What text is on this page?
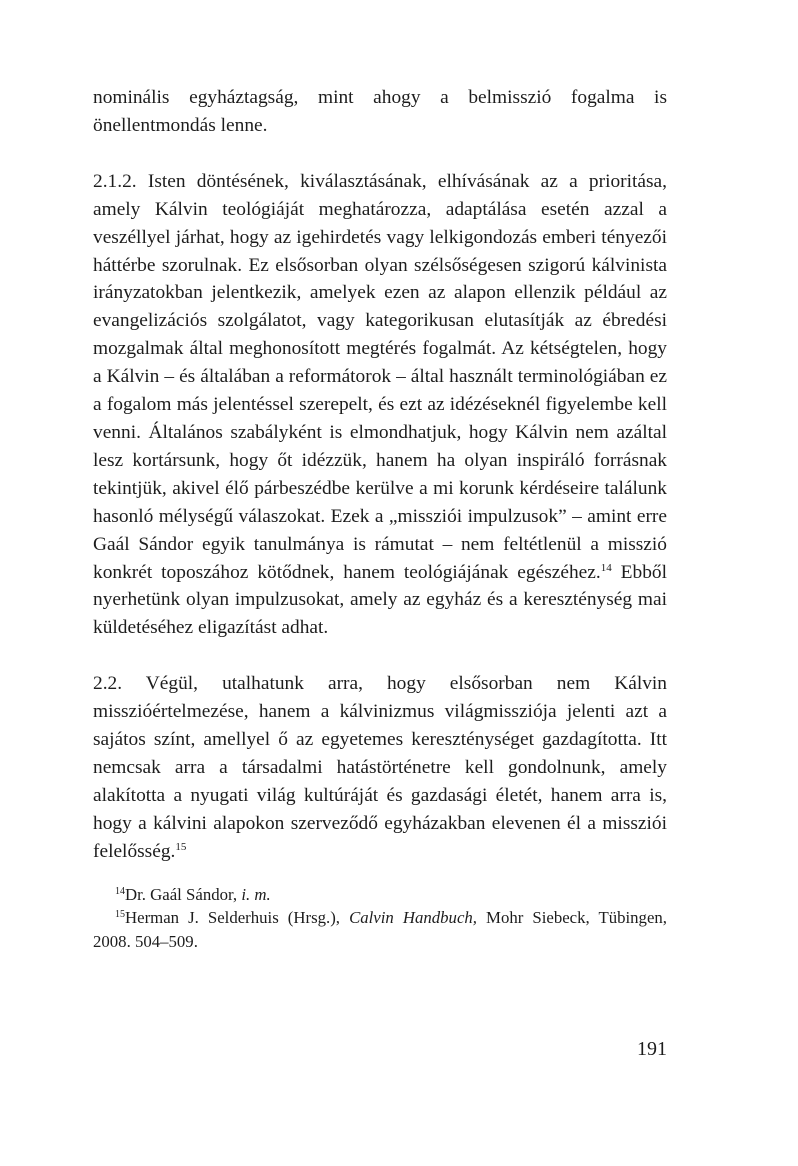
nominális egyháztagság, mint ahogy a belmisszió fogalma is önellentmondás lenne.

2.1.2. Isten döntésének, kiválasztásának, elhívásának az a prioritása, amely Kálvin teológiáját meghatározza, adaptálása esetén azzal a veszéllyel járhat, hogy az igehirdetés vagy lelkigondozás emberi tényezői háttérbe szorulnak. Ez elsősorban olyan szélsőségesen szigorú kálvinista irányzatokban jelentkezik, amelyek ezen az alapon ellenzik például az evangelizációs szolgálatot, vagy kategorikusan elutasítják az ébredési mozgalmak által meghonosított megtérés fogalmát. Az kétségtelen, hogy a Kálvin – és általában a reformátorok – által használt terminológiában ez a fogalom más jelentéssel szerepelt, és ezt az idézéseknél figyelembe kell venni. Általános szabályként is elmondhatjuk, hogy Kálvin nem azáltal lesz kortársunk, hogy őt idézzük, hanem ha olyan inspiráló forrásnak tekintjük, akivel élő párbeszédbe kerülve a mi korunk kérdéseire találunk hasonló mélységű válaszokat. Ezek a „missziói impulzusok” – amint erre Gaál Sándor egyik tanulmánya is rámutat – nem feltétlenül a misszió konkrét toposzához kötődnek, hanem teológiájának egészéhez.$^{14}$ Ebből nyerhetünk olyan impulzusokat, amely az egyház és a kereszténység mai küldetéséhez eligazítást adhat.

2.2. Végül, utalhatunk arra, hogy elsősorban nem Kálvin misszióértelmezése, hanem a kálvinizmus világmissziója jelenti azt a sajátos színt, amellyel ő az egyetemes kereszténységet gazdagította. Itt nemcsak arra a társadalmi hatástörténetre kell gondolnunk, amely alakította a nyugati világ kultúráját és gazdasági életét, hanem arra is, hogy a kálvini alapokon szerveződő egyházakban elevenen él a missziói felelősség.$^{15}$

$^{14}$Dr. Gaál Sándor, i. m.

$^{15}$Herman J. Selderhuis (Hrsg.), Calvin Handbuch, Mohr Siebeck, Tübingen, 2008. 504–509.

191
